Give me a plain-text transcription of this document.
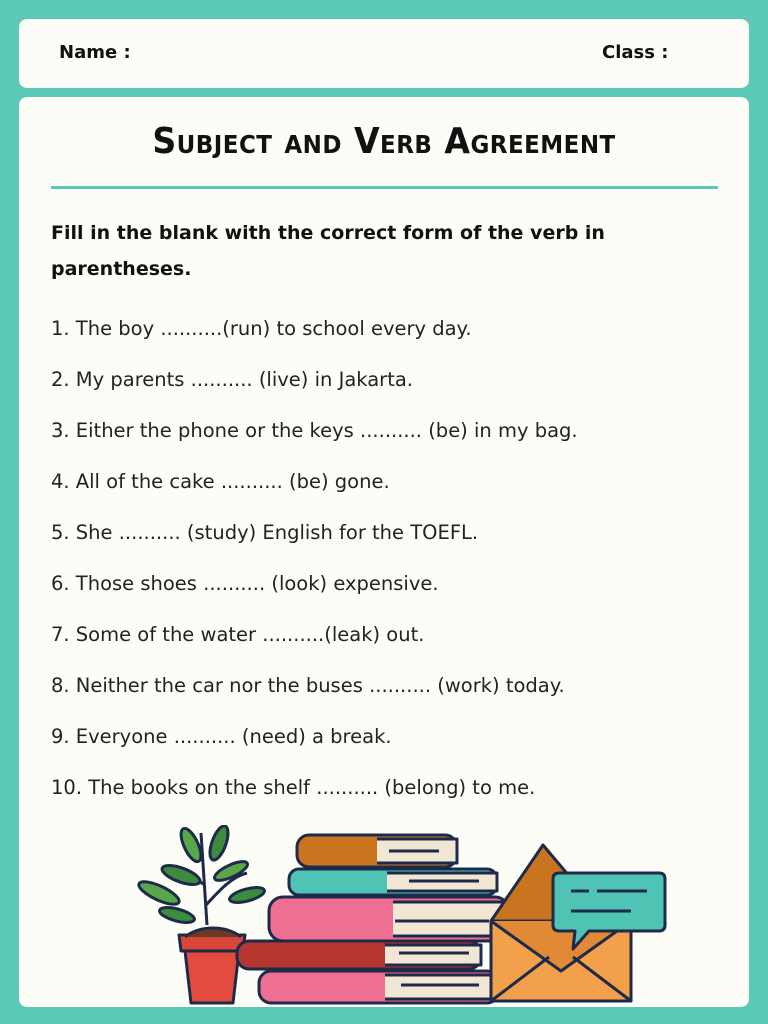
Name :	Class :
Subject and Verb Agreement
Fill in the blank with the correct form of the verb in parentheses.
1. The boy ..........(run) to school every day.
2. My parents .......... (live) in Jakarta.
3. Either the phone or the keys .......... (be) in my bag.
4. All of the cake .......... (be) gone.
5. She .......... (study) English for the TOEFL.
6. Those shoes .......... (look) expensive.
7. Some of the water ..........(leak) out.
8. Neither the car nor the buses .......... (work) today.
9. Everyone .......... (need) a break.
10. The books on the shelf .......... (belong) to me.
